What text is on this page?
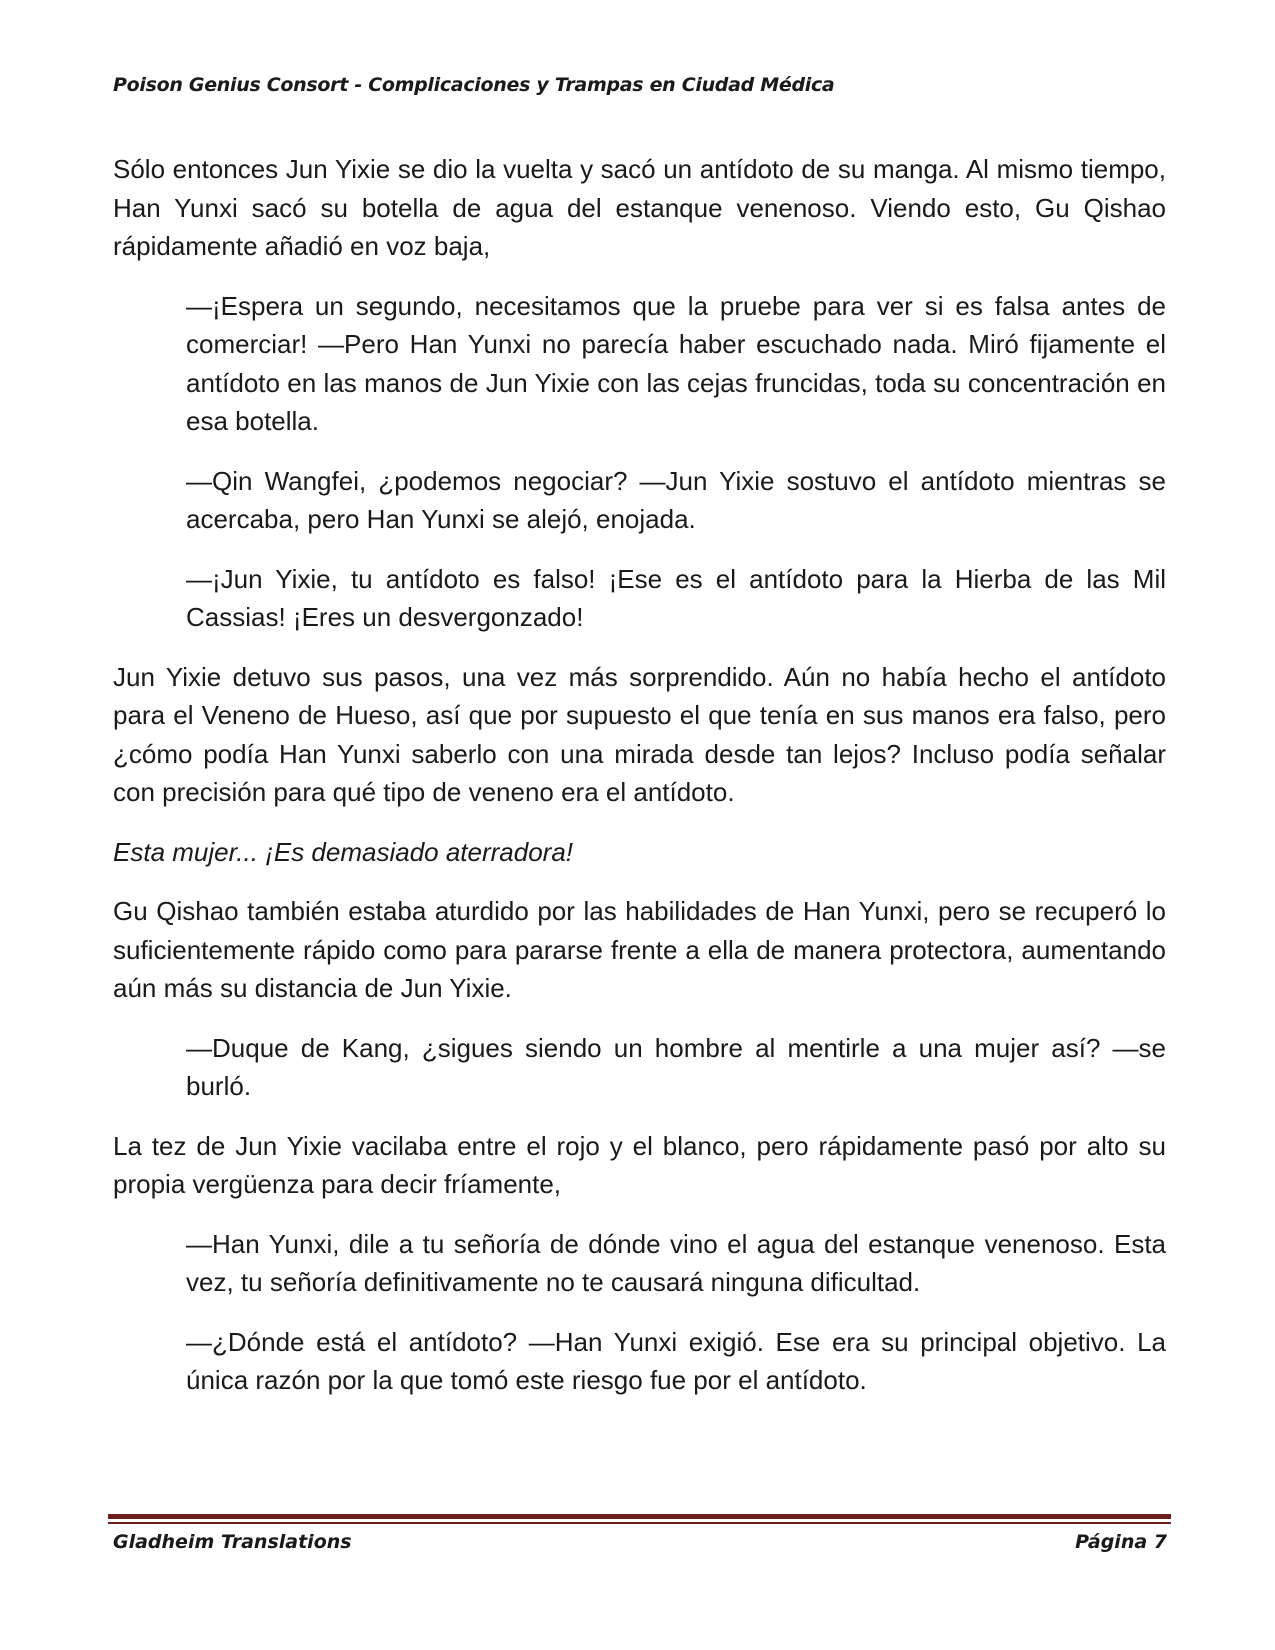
Poison Genius Consort - Complicaciones y Trampas en Ciudad Médica

Sólo entonces Jun Yixie se dio la vuelta y sacó un antídoto de su manga. Al mismo tiempo, Han Yunxi sacó su botella de agua del estanque venenoso. Viendo esto, Gu Qishao rápidamente añadió en voz baja,

—¡Espera un segundo, necesitamos que la pruebe para ver si es falsa antes de comerciar! —Pero Han Yunxi no parecía haber escuchado nada. Miró fijamente el antídoto en las manos de Jun Yixie con las cejas fruncidas, toda su concentración en esa botella.

—Qin Wangfei, ¿podemos negociar? —Jun Yixie sostuvo el antídoto mientras se acercaba, pero Han Yunxi se alejó, enojada.

—¡Jun Yixie, tu antídoto es falso! ¡Ese es el antídoto para la Hierba de las Mil Cassias! ¡Eres un desvergonzado!

Jun Yixie detuvo sus pasos, una vez más sorprendido. Aún no había hecho el antídoto para el Veneno de Hueso, así que por supuesto el que tenía en sus manos era falso, pero ¿cómo podía Han Yunxi saberlo con una mirada desde tan lejos? Incluso podía señalar con precisión para qué tipo de veneno era el antídoto.

Esta mujer... ¡Es demasiado aterradora!

Gu Qishao también estaba aturdido por las habilidades de Han Yunxi, pero se recuperó lo suficientemente rápido como para pararse frente a ella de manera protectora, aumentando aún más su distancia de Jun Yixie.

—Duque de Kang, ¿sigues siendo un hombre al mentirle a una mujer así? —se burló.

La tez de Jun Yixie vacilaba entre el rojo y el blanco, pero rápidamente pasó por alto su propia vergüenza para decir fríamente,

—Han Yunxi, dile a tu señoría de dónde vino el agua del estanque venenoso. Esta vez, tu señoría definitivamente no te causará ninguna dificultad.

—¿Dónde está el antídoto? —Han Yunxi exigió. Ese era su principal objetivo. La única razón por la que tomó este riesgo fue por el antídoto.

Gladheim Translations	Página 7
